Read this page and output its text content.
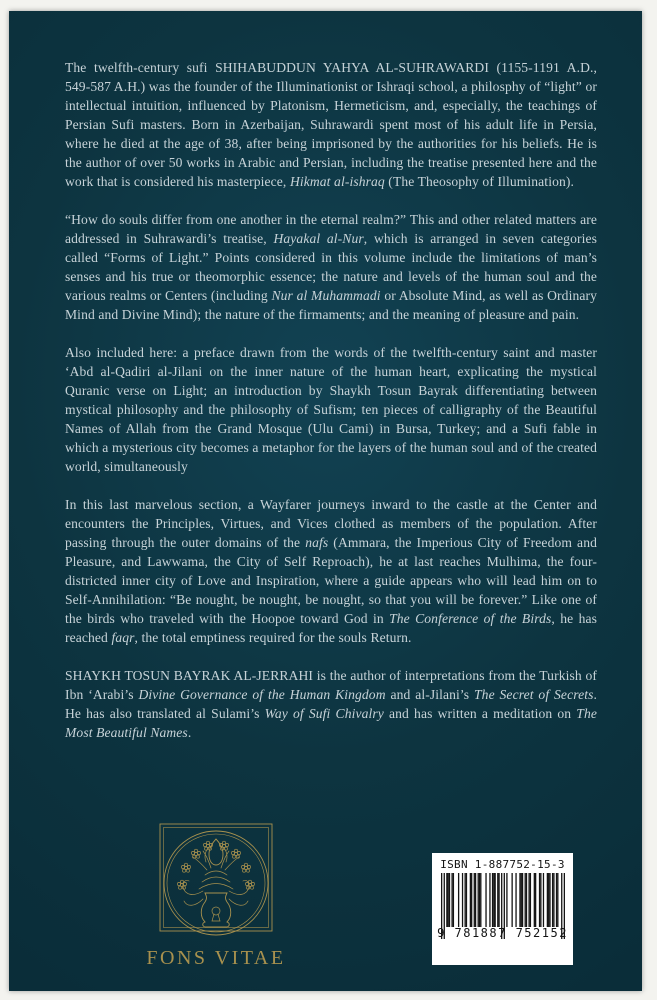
The twelfth-century sufi SHIHABUDDUN YAHYA AL-SUHRAWARDI (1155-1191 A.D., 549-587 A.H.) was the founder of the Illuminationist or Ishraqi school, a philosphy of “light” or intellectual intuition, influenced by Platonism, Hermeticism, and, especially, the teachings of Persian Sufi masters. Born in Azerbaijan, Suhrawardi spent most of his adult life in Persia, where he died at the age of 38, after being imprisoned by the authorities for his beliefs. He is the author of over 50 works in Arabic and Persian, including the treatise presented here and the work that is considered his masterpiece, Hikmat al-ishraq (The Theosophy of Illumination).

“How do souls differ from one another in the eternal realm?” This and other related matters are addressed in Suhrawardi’s treatise, Hayakal al-Nur, which is arranged in seven categories called “Forms of Light.” Points considered in this volume include the limitations of man’s senses and his true or theomorphic essence; the nature and levels of the human soul and the various realms or Centers (including Nur al Muhammadi or Absolute Mind, as well as Ordinary Mind and Divine Mind); the nature of the firmaments; and the meaning of pleasure and pain.

Also included here: a preface drawn from the words of the twelfth-century saint and master ‘Abd al-Qadiri al-Jilani on the inner nature of the human heart, explicating the mystical Quranic verse on Light; an introduction by Shaykh Tosun Bayrak differentiating between mystical philosophy and the philosophy of Sufism; ten pieces of calligraphy of the Beautiful Names of Allah from the Grand Mosque (Ulu Cami) in Bursa, Turkey; and a Sufi fable in which a mysterious city becomes a metaphor for the layers of the human soul and of the created world, simultaneously

In this last marvelous section, a Wayfarer journeys inward to the castle at the Center and encounters the Principles, Virtues, and Vices clothed as members of the population. After passing through the outer domains of the nafs (Ammara, the Imperious City of Freedom and Pleasure, and Lawwama, the City of Self Reproach), he at last reaches Mulhima, the four-districted inner city of Love and Inspiration, where a guide appears who will lead him on to Self-Annihilation: “Be nought, be nought, be nought, so that you will be forever.” Like one of the birds who traveled with the Hoopoe toward God in The Conference of the Birds, he has reached faqr, the total emptiness required for the souls Return.

SHAYKH TOSUN BAYRAK AL-JERRAHI is the author of interpretations from the Turkish of Ibn ‘Arabi’s Divine Governance of the Human Kingdom and al-Jilani’s The Secret of Secrets. He has also translated al Sulami’s Way of Sufi Chivalry and has written a meditation on The Most Beautiful Names.

FONS VITAE
ISBN 1-887752-15-3
9 781887 752152
